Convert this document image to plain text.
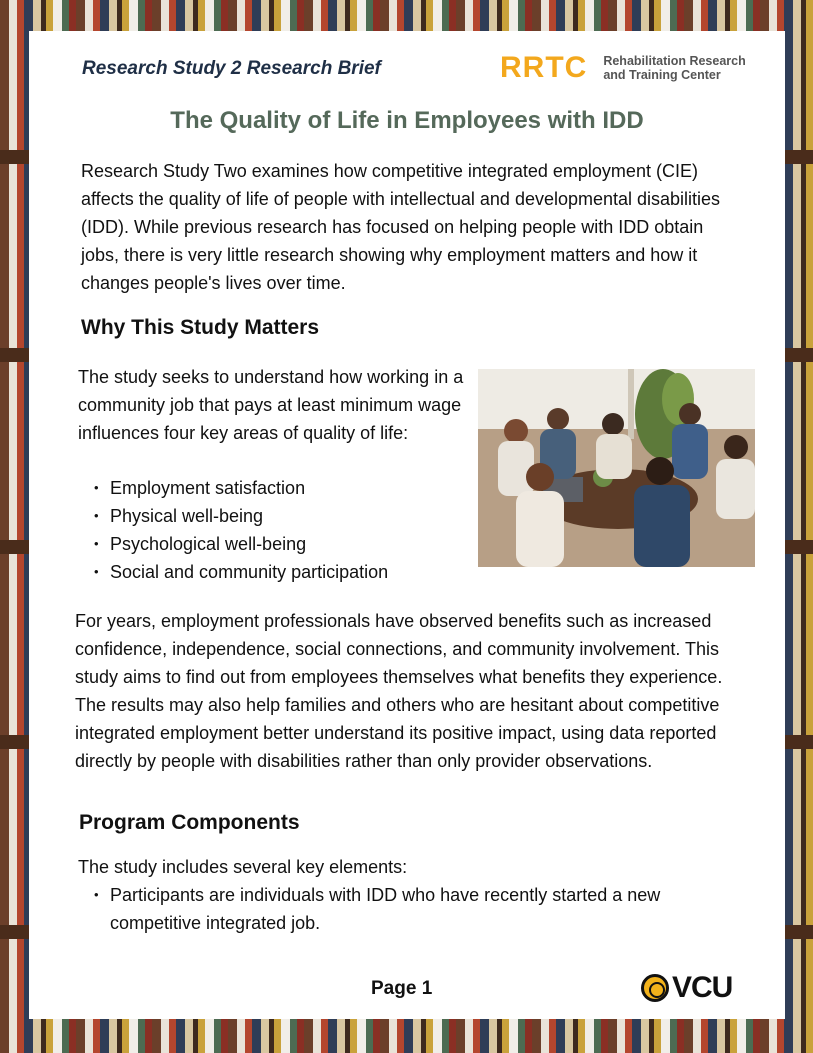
Research Study 2 Research Brief	RRTC Rehabilitation Research
and Training Center
The Quality of Life in Employees with IDD

Research Study Two examines how competitive integrated employment (CIE) affects the quality of life of people with intellectual and developmental disabilities (IDD). While previous research has focused on helping people with IDD obtain jobs, there is very little research showing why employment matters and how it changes people's lives over time.

Why This Study Matters

The study seeks to understand how working in a community job that pays at least minimum wage influences four key areas of quality of life:

• Employment satisfaction
• Physical well-being
• Psychological well-being
• Social and community participation

For years, employment professionals have observed benefits such as increased confidence, independence, social connections, and community involvement. This study aims to find out from employees themselves what benefits they experience. The results may also help families and others who are hesitant about competitive integrated employment better understand its positive impact, using data reported directly by people with disabilities rather than only provider observations.

Program Components

The study includes several key elements:

• Participants are individuals with IDD who have recently started a new competitive integrated job.

Page 1	VCU
